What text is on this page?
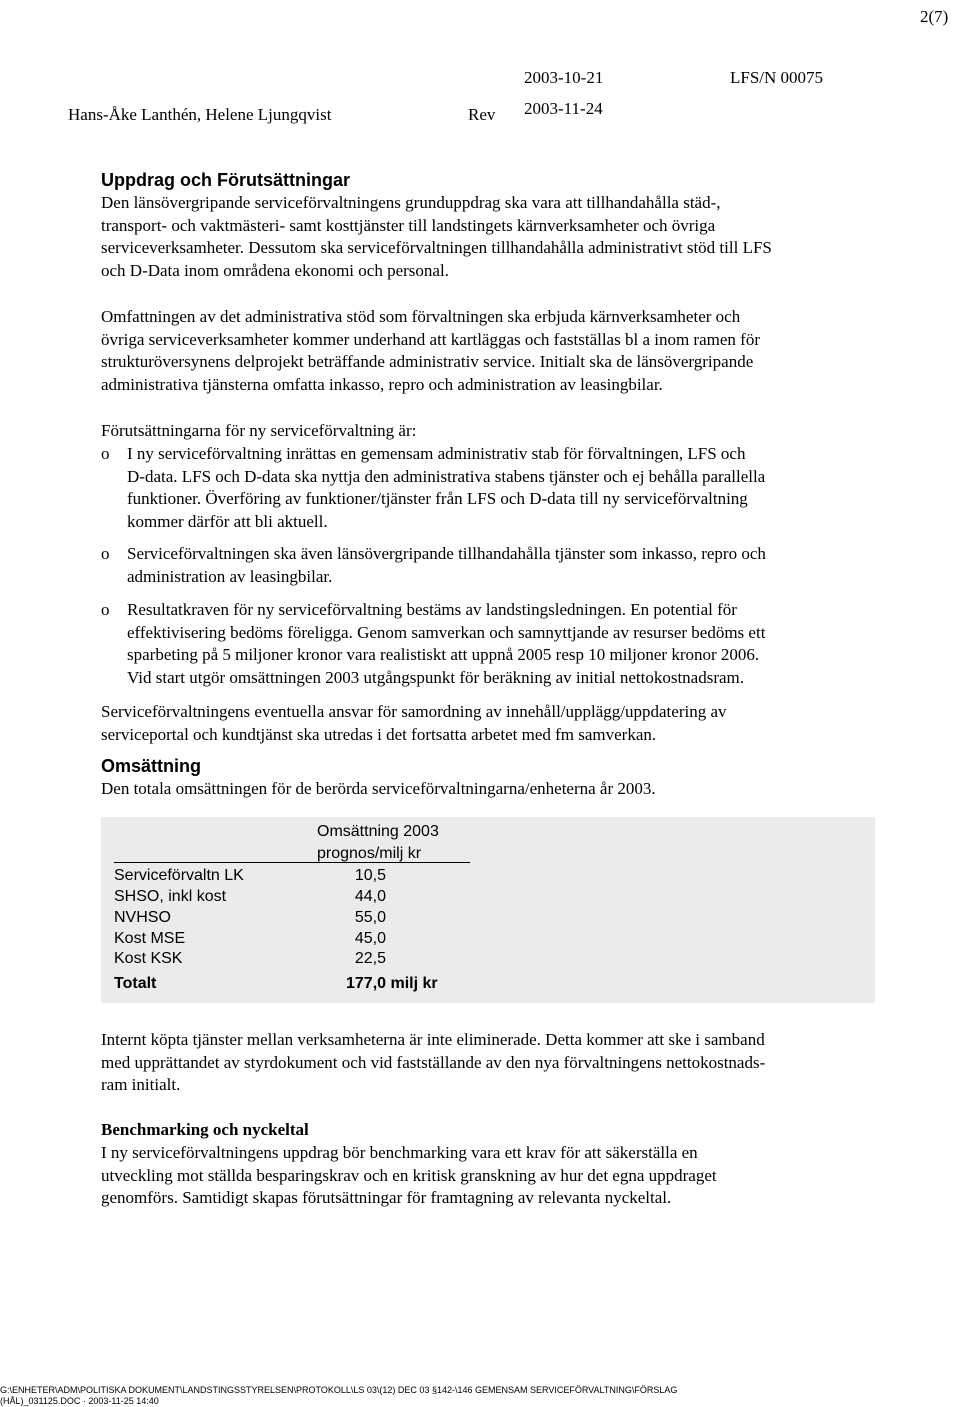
2(7)
2003-10-21	LFS/N 00075
Hans-Åke Lanthén, Helene Ljungqvist	Rev 2003-11-24
Uppdrag och Förutsättningar
Den länsövergripande serviceförvaltningens grunduppdrag ska vara att tillhandahålla städ-,
transport- och vaktmästeri- samt kosttjänster till landstingets kärnverksamheter och övriga
serviceverksamheter. Dessutom ska serviceförvaltningen tillhandahålla administrativt stöd till LFS
och D-Data inom områdena ekonomi och personal.
Omfattningen av det administrativa stöd som förvaltningen ska erbjuda kärnverksamheter och
övriga serviceverksamheter kommer underhand att kartläggas och fastställas bl a inom ramen för
strukturöversynens delprojekt beträffande administrativ service. Initialt ska de länsövergripande
administrativa tjänsterna omfatta inkasso, repro och administration av leasingbilar.
Förutsättningarna för ny serviceförvaltning är:
o I ny serviceförvaltning inrättas en gemensam administrativ stab för förvaltningen, LFS och
D-data. LFS och D-data ska nyttja den administrativa stabens tjänster och ej behålla parallella
funktioner. Överföring av funktioner/tjänster från LFS och D-data till ny serviceförvaltning
kommer därför att bli aktuell.
o Serviceförvaltningen ska även länsövergripande tillhandahålla tjänster som inkasso, repro och
administration av leasingbilar.
o Resultatkraven för ny serviceförvaltning bestäms av landstingsledningen. En potential för
effektivisering bedöms föreligga. Genom samverkan och samnyttjande av resurser bedöms ett
sparbeting på 5 miljoner kronor vara realistiskt att uppnå 2005 resp 10 miljoner kronor 2006.
Vid start utgör omsättningen 2003 utgångspunkt för beräkning av initial nettokostnadsram.
Serviceförvaltningens eventuella ansvar för samordning av innehåll/upplägg/uppdatering av
serviceportal och kundtjänst ska utredas i det fortsatta arbetet med fm samverkan.
Omsättning
Den totala omsättningen för de berörda serviceförvaltningarna/enheterna år 2003.
Omsättning 2003
prognos/milj kr
Serviceförvaltn LK	10,5
SHSO, inkl kost	44,0
NVHSO	55,0
Kost MSE	45,0
Kost KSK	22,5
Totalt	177,0 milj kr
Internt köpta tjänster mellan verksamheterna är inte eliminerade. Detta kommer att ske i samband
med upprättandet av styrdokument och vid fastställande av den nya förvaltningens nettokostnads-
ram initialt.
Benchmarking och nyckeltal
I ny serviceförvaltningens uppdrag bör benchmarking vara ett krav för att säkerställa en
utveckling mot ställda besparingskrav och en kritisk granskning av hur det egna uppdraget
genomförs. Samtidigt skapas förutsättningar för framtagning av relevanta nyckeltal.
G:\ENHETER\ADM\POLITISKA DOKUMENT\LANDSTINGSSTYRELSEN\PROTOKOLL\LS 03\(12) DEC 03 §142-\146 GEMENSAM SERVICEFÖRVALTNING\FÖRSLAG
(HÅL)_031125.DOC · 2003-11-25 14:40
